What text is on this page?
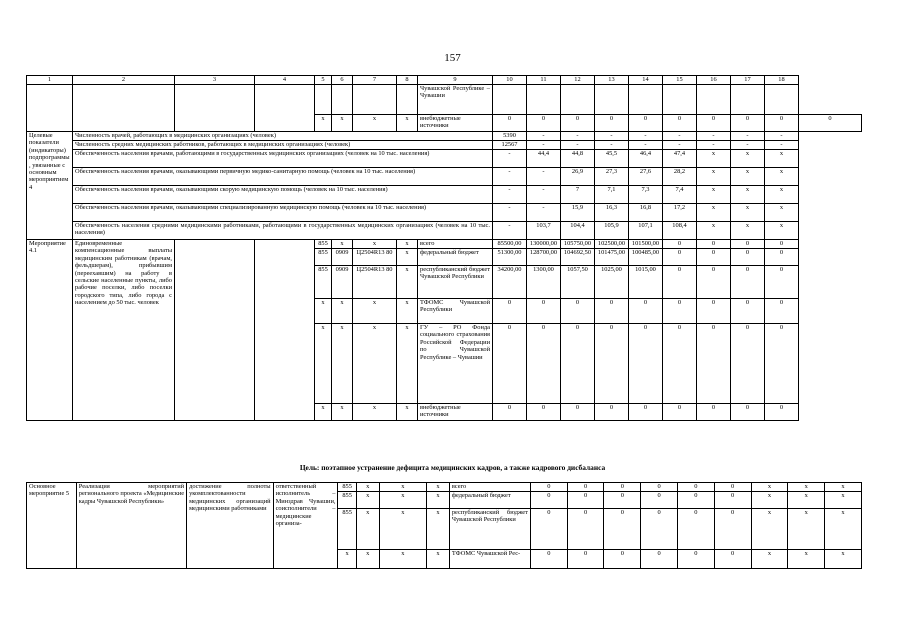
157
1	2	3	4	5	6	7	8	9	10	11	12	13	14	15	16	17	18	
								Чувашской Республике – Чувашии										
				x	x	x	x	внебюджетные источники	0	0	0	0	0	0	0	0	0	0
Целевые показатели (индикаторы) подпрограммы, увязанные с основным мероприятием 4	Численность врачей, работающих в медицинских организациях (человек)								5390	-	-	-	-	-	-	-	-	
	Численность средних медицинских работников, работающих в медицинских организациях (человек)								12567	-	-	-	-	-	-	-	-	
	Обеспеченность населения врачами, работающими в государственных медицинских организациях (человек на 10 тыс. населения)								-	44,4	44,8	45,5	46,4	47,4	x	x	x	
	Обеспеченность населения врачами, оказывающими первичную медико-санитарную помощь (человек на 10 тыс. населения)								-	-	26,9	27,3	27,6	28,2	x	x	x	
	Обеспеченность населения врачами, оказывающими скорую медицинскую помощь (человек на 10 тыс. населения)								-	-	7	7,1	7,3	7,4	x	x	x	
	Обеспеченность населения врачами, оказывающими специализированную медицинскую помощь (человек на 10 тыс. населения)								-	-	15,9	16,3	16,8	17,2	x	x	x	
	Обеспеченность населения средними медицинскими работниками, работающими в государственных медицинских организациях (человек на 10 тыс. населения)								-	103,7	104,4	105,9	107,1	108,4	x	x	x	
Мероприятие 4.1	Единовременные компенсационные выплаты медицинским работникам (врачам, фельдшерам), прибывшим (переехавшим) на работу в сельские населенные пункты, либо рабочие поселки, либо поселки городского типа, либо города с населением до 50 тыс. человек			855	x	x	x	всего	85500,00	130000,00	105750,00	102500,00	101500,00	0	0	0	0	
				855	0909	Ц2504R13 80	x	федеральный бюджет	51300,00	128700,00	104692,50	101475,00	100485,00	0	0	0	0	
				855	0909	Ц2504R13 80	x	республиканский бюджет Чувашской Республики	34200,00	1300,00	1057,50	1025,00	1015,00	0	0	0	0	
				x	x	x	x	ТФОМС Чувашской Республики	0	0	0	0	0	0	0	0	0	
				x	x	x	x	ГУ – РО Фонда социального страхования Российской Федерации по Чувашской Республике – Чувашии	0	0	0	0	0	0	0	0	0	
				x	x	x	x	внебюджетные источники	0	0	0	0	0	0	0	0	0	
Цель: поэтапное устранение дефицита медицинских кадров, а также кадрового дисбаланса
Основное мероприятие 5	Реализация мероприятий регионального проекта «Медицинские кадры Чувашской Республики»	достижение полноты укомплектованности медицинских организаций медицинскими работниками	ответственный исполнитель – Минздрав Чувашии, соисполнители – медицинские организа-	855	x	x	x	всего	0	0	0	0	0	0	x	x	x
				855	x	x	x	федеральный бюджет	0	0	0	0	0	0	x	x	x
				855	x	x	x	республиканский бюджет Чувашской Республики	0	0	0	0	0	0	x	x	x
				x	x	x	x	ТФОМС Чувашской Рес-	0	0	0	0	0	0	x	x	x
